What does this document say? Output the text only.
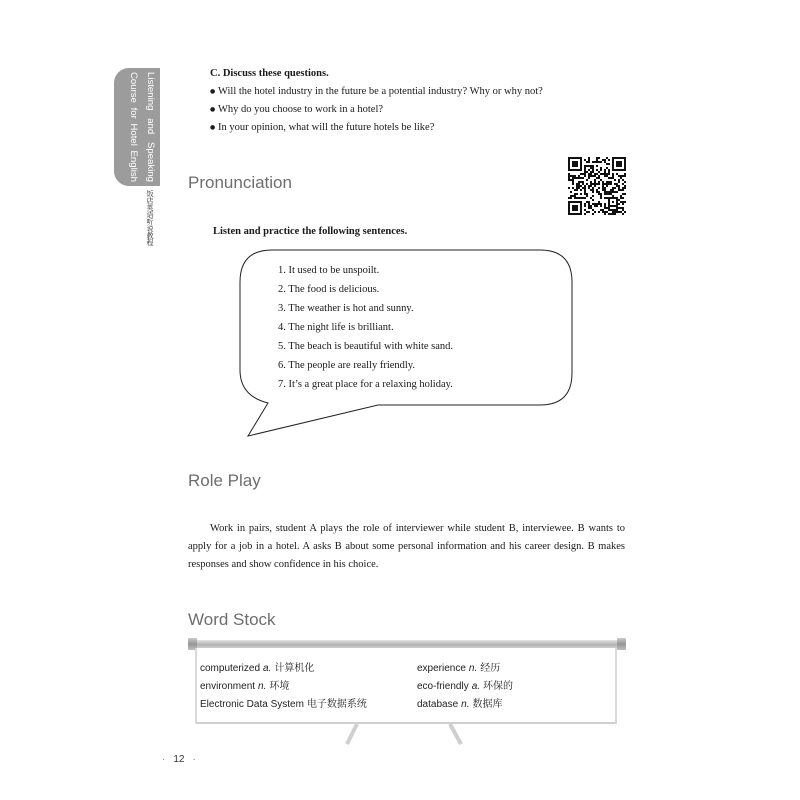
Listening and Speaking
Course for Hotel English
饭店英语听说教程
C. Discuss these questions.
● Will the hotel industry in the future be a potential industry? Why or why not?
● Why do you choose to work in a hotel?
● In your opinion, what will the future hotels be like?
Pronunciation
Listen and practice the following sentences.
1. It used to be unspoilt.
2. The food is delicious.
3. The weather is hot and sunny.
4. The night life is brilliant.
5. The beach is beautiful with white sand.
6. The people are really friendly.
7. It’s a great place for a relaxing holiday.
Role Play

Work in pairs, student A plays the role of interviewer while student B, interviewee. B wants to apply for a job in a hotel. A asks B about some personal information and his career design. B makes responses and show confidence in his choice.

Word Stock
computerized a. 计算机化
environment n. 环境
Electronic Data System 电子数据系统
experience n. 经历
eco-friendly a. 环保的
database n. 数据库
· 12 ·
